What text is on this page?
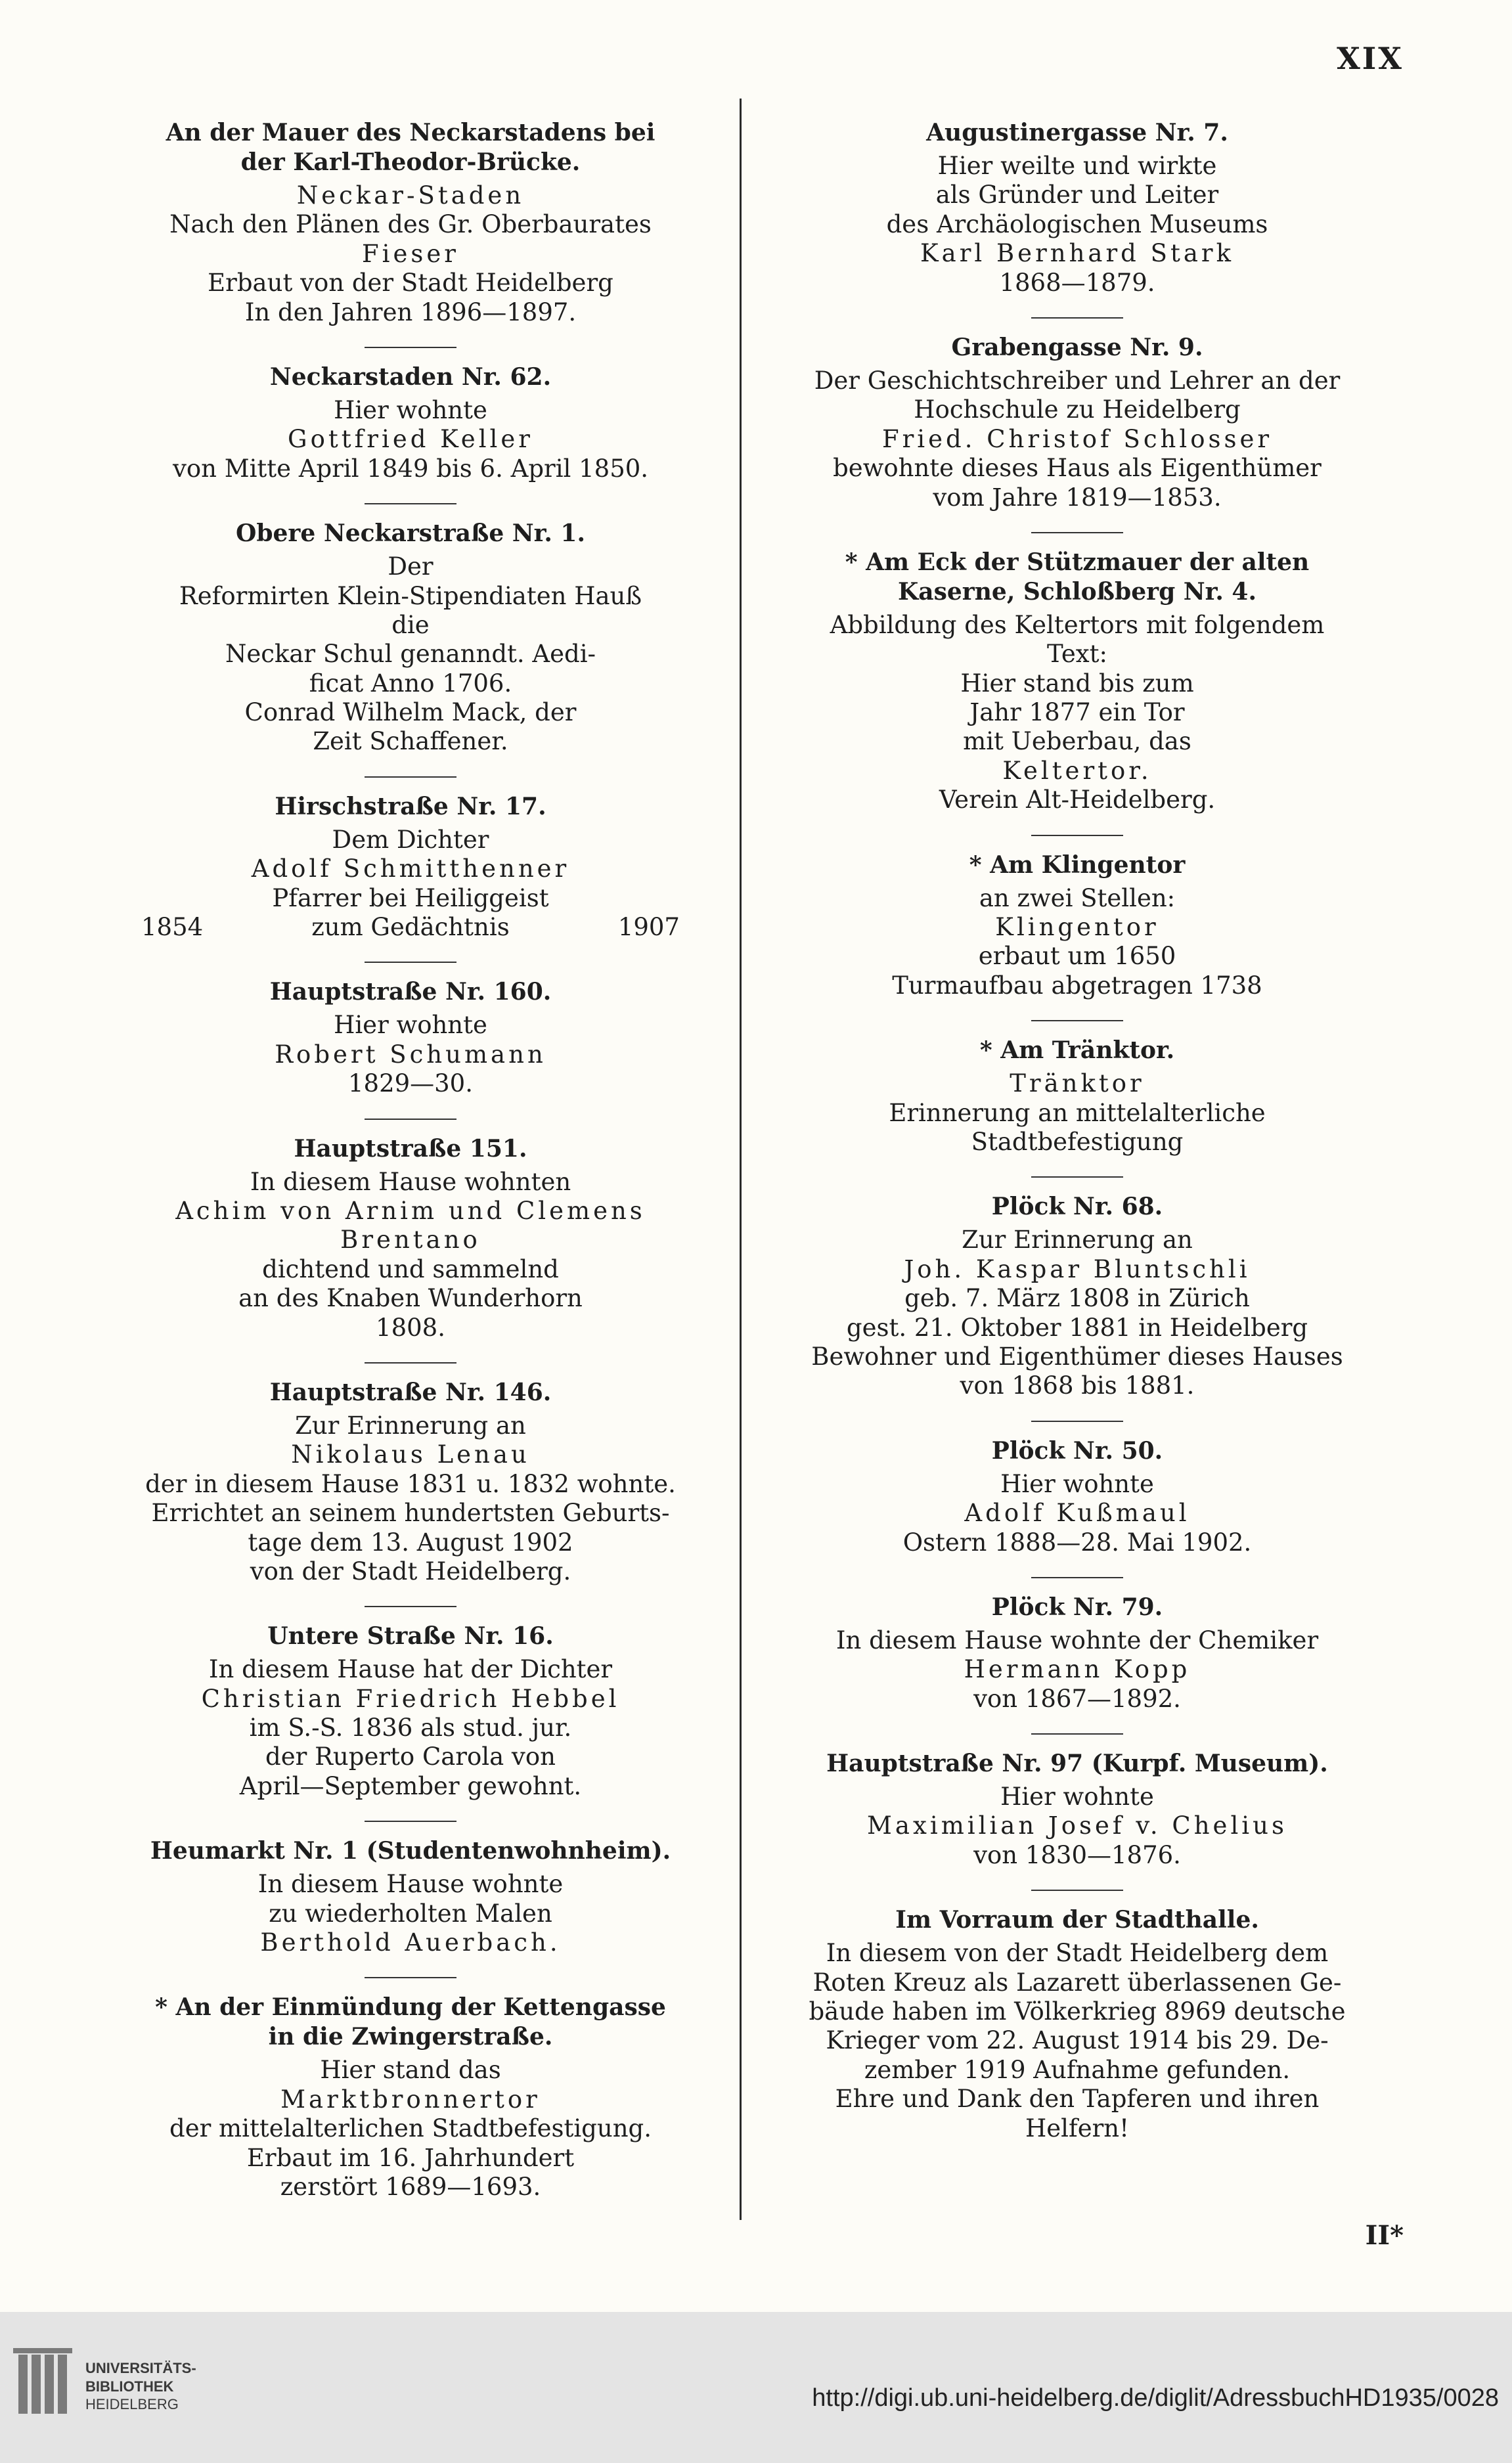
XIX
An der Mauer des Neckarstadens bei der Karl-Theodor-Brücke.
Neckar-Staden
Nach den Plänen des Gr. Oberbaurates
Fieser
Erbaut von der Stadt Heidelberg
In den Jahren 1896—1897.
Neckarstaden Nr. 62.
Hier wohnte
Gottfried Keller
von Mitte April 1849 bis 6. April 1850.
Obere Neckarstraße Nr. 1.
Der
Reformirten Klein-Stipendiaten Hauß
die
Neckar Schul genanndt. Aedi-
ficat Anno 1706.
Conrad Wilhelm Mack, der
Zeit Schaffener.
Hirschstraße Nr. 17.
Dem Dichter
Adolf Schmitthenner
Pfarrer bei Heiliggeist
1854	zum Gedächtnis	1907
Hauptstraße Nr. 160.
Hier wohnte
Robert Schumann
1829—30.
Hauptstraße 151.
In diesem Hause wohnten
Achim von Arnim und Clemens
Brentano
dichtend und sammelnd
an des Knaben Wunderhorn
1808.
Hauptstraße Nr. 146.
Zur Erinnerung an
Nikolaus Lenau
der in diesem Hause 1831 u. 1832 wohnte.
Errichtet an seinem hundertsten Geburts-
tage dem 13. August 1902
von der Stadt Heidelberg.
Untere Straße Nr. 16.
In diesem Hause hat der Dichter
Christian Friedrich Hebbel
im S.-S. 1836 als stud. jur.
der Ruperto Carola von
April—September gewohnt.
Heumarkt Nr. 1 (Studentenwohnheim).
In diesem Hause wohnte
zu wiederholten Malen
Berthold Auerbach.
* An der Einmündung der Kettengasse in die Zwingerstraße.
Hier stand das
Marktbronnertor
der mittelalterlichen Stadtbefestigung.
Erbaut im 16. Jahrhundert
zerstört 1689—1693.
Augustinergasse Nr. 7.
Hier weilte und wirkte
als Gründer und Leiter
des Archäologischen Museums
Karl Bernhard Stark
1868—1879.
Grabengasse Nr. 9.
Der Geschichtschreiber und Lehrer an der
Hochschule zu Heidelberg
Fried. Christof Schlosser
bewohnte dieses Haus als Eigenthümer
vom Jahre 1819—1853.
* Am Eck der Stützmauer der alten Kaserne, Schloßberg Nr. 4.
Abbildung des Keltertors mit folgendem
Text:
Hier stand bis zum
Jahr 1877 ein Tor
mit Ueberbau, das
Keltertor.
Verein Alt-Heidelberg.
* Am Klingentor
an zwei Stellen:
Klingentor
erbaut um 1650
Turmaufbau abgetragen 1738
* Am Tränktor.
Tränktor
Erinnerung an mittelalterliche
Stadtbefestigung
Plöck Nr. 68.
Zur Erinnerung an
Joh. Kaspar Bluntschli
geb. 7. März 1808 in Zürich
gest. 21. Oktober 1881 in Heidelberg
Bewohner und Eigenthümer dieses Hauses
von 1868 bis 1881.
Plöck Nr. 50.
Hier wohnte
Adolf Kußmaul
Ostern 1888—28. Mai 1902.
Plöck Nr. 79.
In diesem Hause wohnte der Chemiker
Hermann Kopp
von 1867—1892.
Hauptstraße Nr. 97 (Kurpf. Museum).
Hier wohnte
Maximilian Josef v. Chelius
von 1830—1876.
Im Vorraum der Stadthalle.
In diesem von der Stadt Heidelberg dem
Roten Kreuz als Lazarett überlassenen Ge-
bäude haben im Völkerkrieg 8969 deutsche
Krieger vom 22. August 1914 bis 29. De-
zember 1919 Aufnahme gefunden.
Ehre und Dank den Tapferen und ihren
Helfern!
II*
UNIVERSITÄTS-
BIBLIOTHEK
HEIDELBERG	http://digi.ub.uni-heidelberg.de/diglit/AdressbuchHD1935/0028
